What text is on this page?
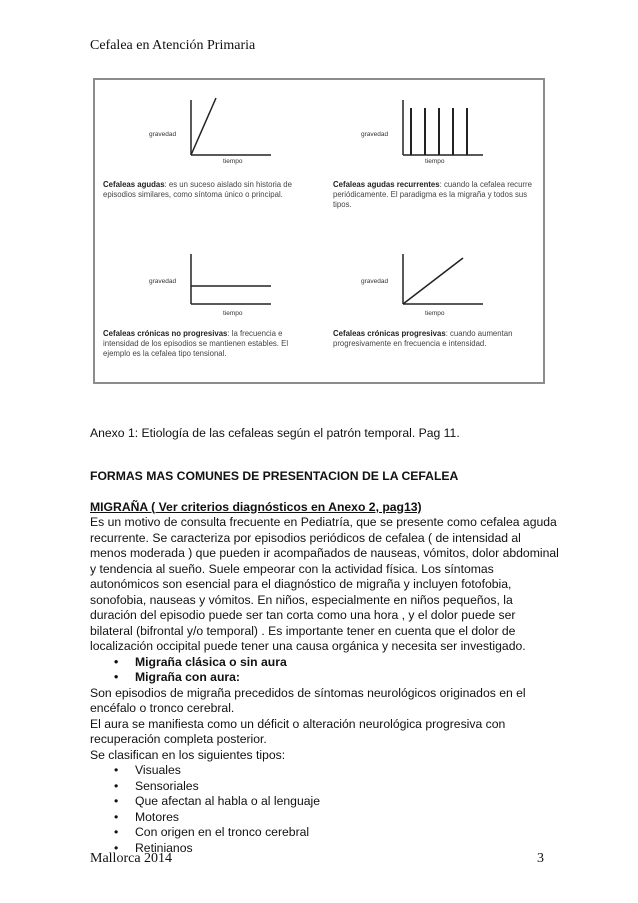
Cefalea en Atención Primaria
gravedad
tiempo
Cefaleas agudas: es un suceso aislado sin historia de episodios similares, como síntoma único o principal.
gravedad
tiempo
Cefaleas agudas recurrentes: cuando la cefalea recurre periódicamente. El paradigma es la migraña y todos sus tipos.
gravedad
tiempo
Cefaleas crónicas no progresivas: la frecuencia e intensidad de los episodios se mantienen estables. El ejemplo es la cefalea tipo tensional.
gravedad
tiempo
Cefaleas crónicas progresivas: cuando aumentan progresivamente en frecuencia e intensidad.
Anexo 1: Etiología de las cefaleas según el patrón temporal. Pag 11.

FORMAS MAS COMUNES DE PRESENTACION DE LA CEFALEA

MIGRAÑA ( Ver criterios diagnósticos en Anexo 2, pag13)

Es un motivo de consulta frecuente en Pediatría, que se presente como cefalea aguda recurrente. Se caracteriza por episodios periódicos de cefalea ( de intensidad al menos moderada ) que pueden ir acompañados de nauseas, vómitos, dolor abdominal y tendencia al sueño. Suele empeorar con la actividad física. Los síntomas autonómicos son esencial para el diagnóstico de migraña y incluyen fotofobia, sonofobia, nauseas y vómitos. En niños, especialmente en niños pequeños, la duración del episodio puede ser tan corta como una hora , y el dolor puede ser bilateral (bifrontal y/o temporal) . Es importante tener en cuenta que el dolor de localización occipital puede tener una causa orgánica y necesita ser investigado.

• Migraña clásica o sin aura
• Migraña con aura:

Son episodios de migraña precedidos de síntomas neurológicos originados en el encéfalo o tronco cerebral.

El aura se manifiesta como un déficit o alteración neurológica progresiva con recuperación completa posterior.

Se clasifican en los siguientes tipos:

• Visuales
• Sensoriales
• Que afectan al habla o al lenguaje
• Motores
• Con origen en el tronco cerebral
• Retinianos
Mallorca 2014	3
